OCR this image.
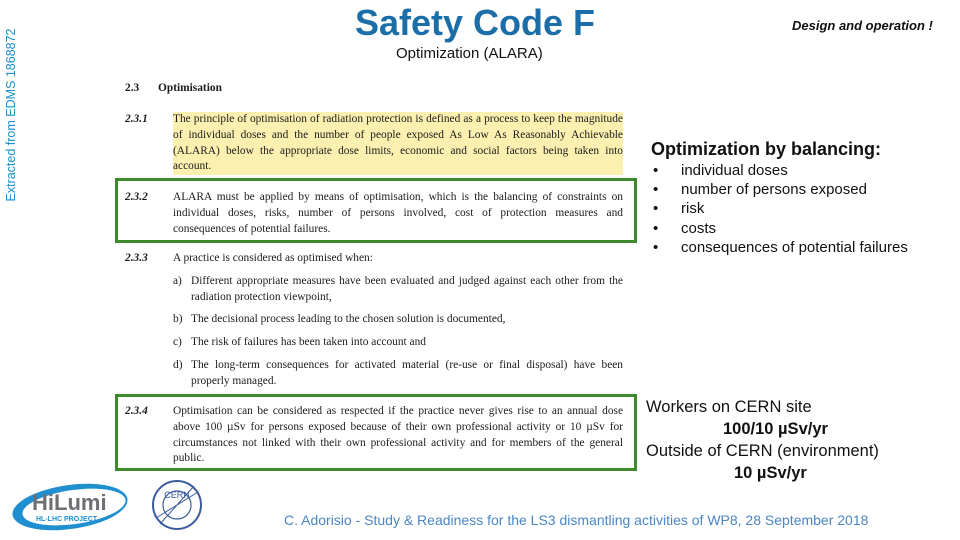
Extracted from EDMS 1868872
Safety Code F	Design and operation !
Optimization (ALARA)
2.3 Optimisation
2.3.1 The principle of optimisation of radiation protection is defined as a process to keep the magnitude of individual doses and the number of people exposed As Low As Reasonably Achievable (ALARA) below the appropriate dose limits, economic and social factors being taken into account.
2.3.2 ALARA must be applied by means of optimisation, which is the balancing of constraints on individual doses, risks, number of persons involved, cost of protection measures and consequences of potential failures.
2.3.3 A practice is considered as optimised when:
a) Different appropriate measures have been evaluated and judged against each other from the radiation protection viewpoint,
b) The decisional process leading to the chosen solution is documented,
c) The risk of failures has been taken into account and
d) The long-term consequences for activated material (re-use or final disposal) have been properly managed.
2.3.4 Optimisation can be considered as respected if the practice never gives rise to an annual dose above 100 µSv for persons exposed because of their own professional activity or 10 µSv for circumstances not linked with their own professional activity and for members of the general public.
Optimization by balancing:
• individual doses
• number of persons exposed
• risk
• costs
• consequences of potential failures
Workers on CERN site
100/10 µSv/yr
Outside of CERN (environment)
10 µSv/yr
HiLumi
HL-LHC PROJECT
CERN
C. Adorisio - Study & Readiness for the LS3 dismantling activities of WP8, 28 September 2018
